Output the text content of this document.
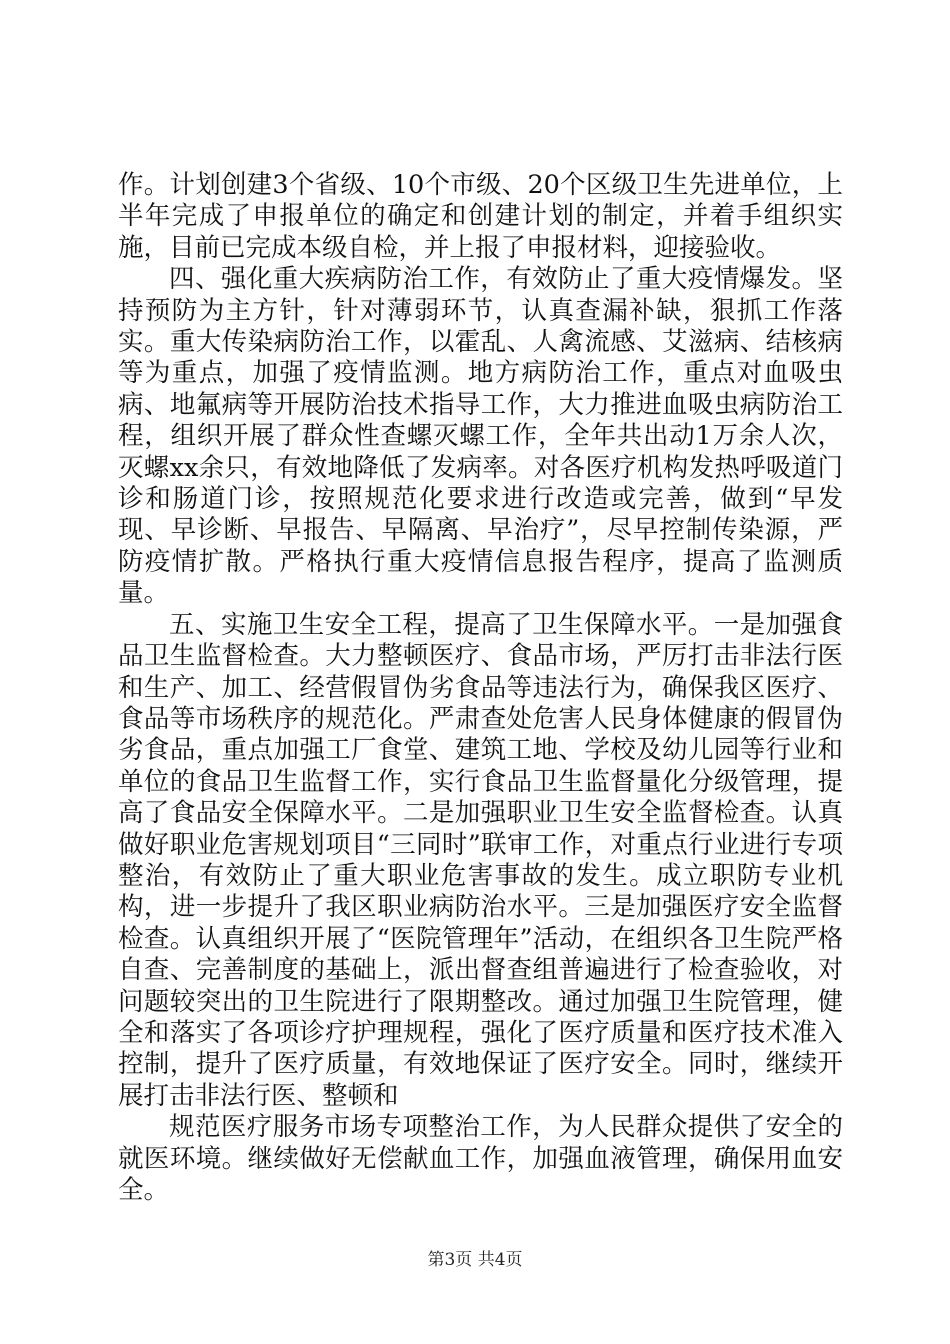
作。计划创建3个省级、10个市级、20个区级卫生先进单位，上半年完成了申报单位的确定和创建计划的制定，并着手组织实施，目前已完成本级自检，并上报了申报材料，迎接验收。

四、强化重大疾病防治工作，有效防止了重大疫情爆发。坚持预防为主方针，针对薄弱环节，认真查漏补缺，狠抓工作落实。重大传染病防治工作，以霍乱、人禽流感、艾滋病、结核病等为重点，加强了疫情监测。地方病防治工作，重点对血吸虫病、地氟病等开展防治技术指导工作，大力推进血吸虫病防治工程，组织开展了群众性查螺灭螺工作，全年共出动1万余人次，灭螺xx余只，有效地降低了发病率。对各医疗机构发热呼吸道门诊和肠道门诊，按照规范化要求进行改造或完善，做到“早发现、早诊断、早报告、早隔离、早治疗”，尽早控制传染源，严防疫情扩散。严格执行重大疫情信息报告程序，提高了监测质量。

五、实施卫生安全工程，提高了卫生保障水平。一是加强食品卫生监督检查。大力整顿医疗、食品市场，严厉打击非法行医和生产、加工、经营假冒伪劣食品等违法行为，确保我区医疗、食品等市场秩序的规范化。严肃查处危害人民身体健康的假冒伪劣食品，重点加强工厂食堂、建筑工地、学校及幼儿园等行业和单位的食品卫生监督工作，实行食品卫生监督量化分级管理，提高了食品安全保障水平。二是加强职业卫生安全监督检查。认真做好职业危害规划项目“三同时”联审工作，对重点行业进行专项整治，有效防止了重大职业危害事故的发生。成立职防专业机构，进一步提升了我区职业病防治水平。三是加强医疗安全监督检查。认真组织开展了“医院管理年”活动，在组织各卫生院严格自查、完善制度的基础上，派出督查组普遍进行了检查验收，对问题较突出的卫生院进行了限期整改。通过加强卫生院管理，健全和落实了各项诊疗护理规程，强化了医疗质量和医疗技术准入控制，提升了医疗质量，有效地保证了医疗安全。同时，继续开展打击非法行医、整顿和

规范医疗服务市场专项整治工作，为人民群众提供了安全的就医环境。继续做好无偿献血工作，加强血液管理，确保用血安全。

第3页 共4页
